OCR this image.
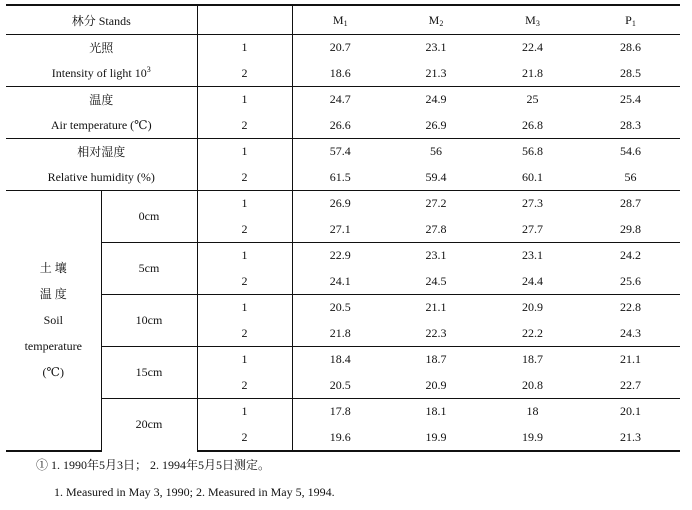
林分 Stands			$M_1$	$M_2$	$M_3$	$P_1$
光照		1	20.7	23.1	22.4	28.6
Intensity of light $10^3$		2	18.6	21.3	21.8	28.5
温度		1	24.7	24.9	25	25.4
Air temperature (℃)		2	26.6	26.9	26.8	28.3
相对湿度		1	57.4	56	56.8	54.6
Relative humidity (%)		2	61.5	59.4	60.1	56

土 壤
温 度
Soil
temperature
(℃)	0cm	1	26.9	27.2	27.3	28.7
		2	27.1	27.8	27.7	29.8
	5cm	1	22.9	23.1	23.1	24.2
		2	24.1	24.5	24.4	25.6
	10cm	1	20.5	21.1	20.9	22.8
		2	21.8	22.3	22.2	24.3
	15cm	1	18.4	18.7	18.7	21.1
		2	20.5	20.9	20.8	22.7
	20cm	1	17.8	18.1	18	20.1
		2	19.6	19.9	19.9	21.3
① 1. 1990年5月3日； 2. 1994年5月5日测定。
1. Measured in May 3, 1990; 2. Measured in May 5, 1994.
